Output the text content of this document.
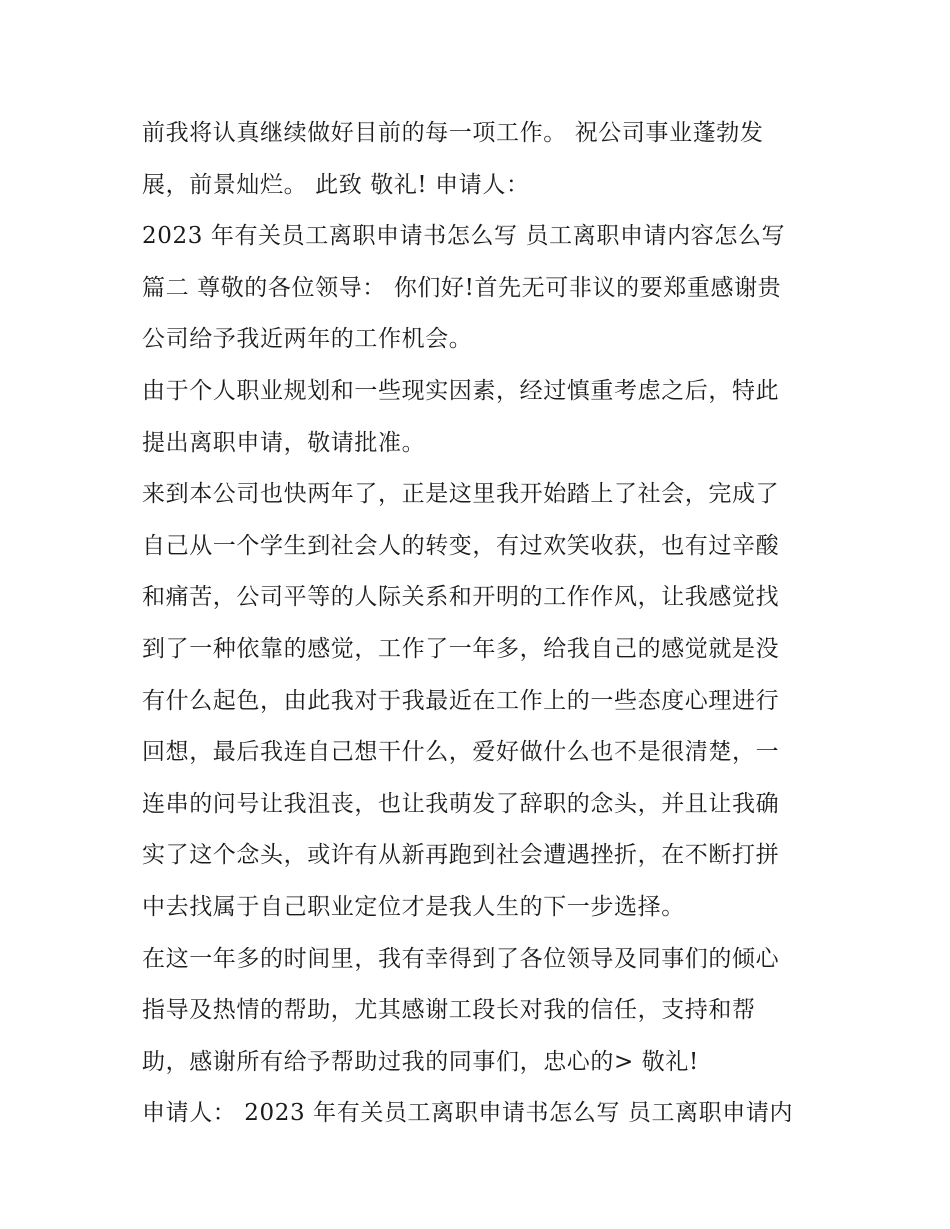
前我将认真继续做好目前的每一项工作。 祝公司事业蓬勃发
展，前景灿烂。 此致 敬礼! 申请人：
2023 年有关员工离职申请书怎么写 员工离职申请内容怎么写
篇二 尊敬的各位领导： 你们好!首先无可非议的要郑重感谢贵
公司给予我近两年的工作机会。
由于个人职业规划和一些现实因素，经过慎重考虑之后，特此
提出离职申请，敬请批准。
来到本公司也快两年了，正是这里我开始踏上了社会，完成了
自己从一个学生到社会人的转变，有过欢笑收获，也有过辛酸
和痛苦，公司平等的人际关系和开明的工作作风，让我感觉找
到了一种依靠的感觉，工作了一年多，给我自己的感觉就是没
有什么起色，由此我对于我最近在工作上的一些态度心理进行
回想，最后我连自己想干什么，爱好做什么也不是很清楚，一
连串的问号让我沮丧，也让我萌发了辞职的念头，并且让我确
实了这个念头，或许有从新再跑到社会遭遇挫折，在不断打拼
中去找属于自己职业定位才是我人生的下一步选择。
在这一年多的时间里，我有幸得到了各位领导及同事们的倾心
指导及热情的帮助，尤其感谢工段长对我的信任，支持和帮
助，感谢所有给予帮助过我的同事们，忠心的> 敬礼!
申请人： 2023 年有关员工离职申请书怎么写 员工离职申请内
